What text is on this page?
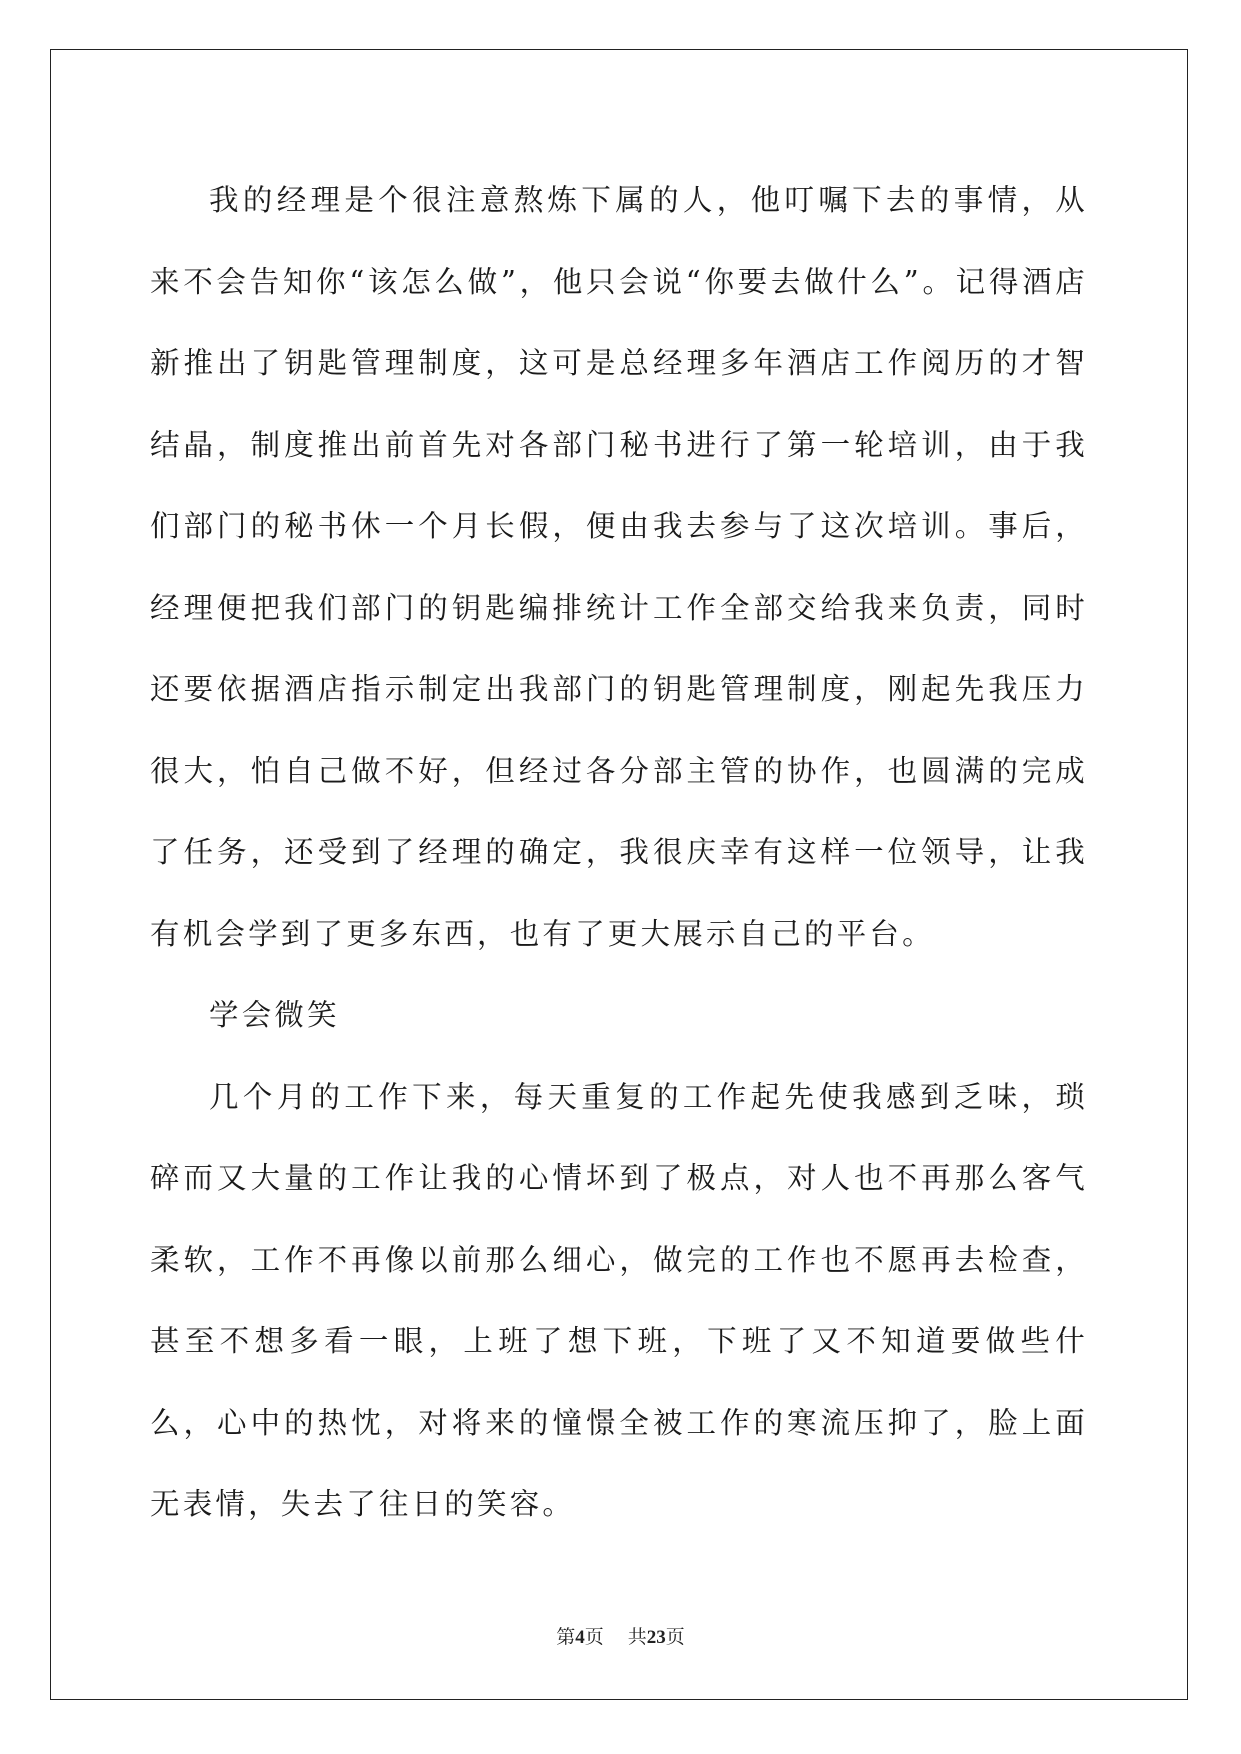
我的经理是个很注意熬炼下属的人，他叮嘱下去的事情，从来不会告知你“该怎么做”，他只会说“你要去做什么”。记得酒店新推出了钥匙管理制度，这可是总经理多年酒店工作阅历的才智结晶，制度推出前首先对各部门秘书进行了第一轮培训，由于我们部门的秘书休一个月长假，便由我去参与了这次培训。事后，经理便把我们部门的钥匙编排统计工作全部交给我来负责，同时还要依据酒店指示制定出我部门的钥匙管理制度，刚起先我压力很大，怕自己做不好，但经过各分部主管的协作，也圆满的完成了任务，还受到了经理的确定，我很庆幸有这样一位领导，让我有机会学到了更多东西，也有了更大展示自己的平台。

学会微笑

几个月的工作下来，每天重复的工作起先使我感到乏味，琐碎而又大量的工作让我的心情坏到了极点，对人也不再那么客气柔软，工作不再像以前那么细心，做完的工作也不愿再去检查，甚至不想多看一眼，上班了想下班，下班了又不知道要做些什么，心中的热忱，对将来的憧憬全被工作的寒流压抑了，脸上面无表情，失去了往日的笑容。

第4页 共23页
